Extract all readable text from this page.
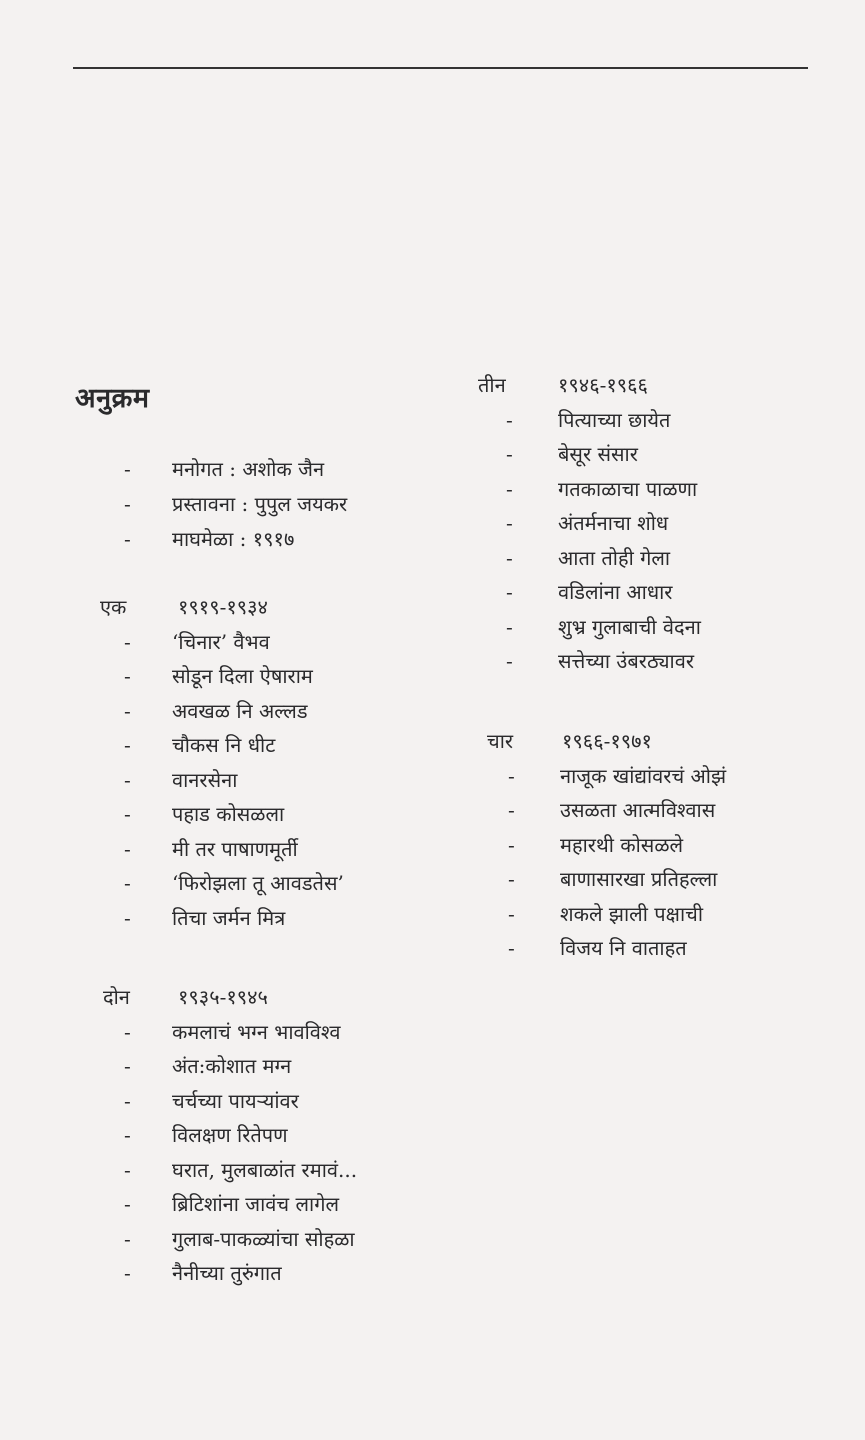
अनुक्रम
- मनोगत : अशोक जैन
- प्रस्तावना : पुपुल जयकर
- माघमेळा : १९१७
एक	१९१९-१९३४
- ‘चिनार’ वैभव
- सोडून दिला ऐषाराम
- अवखळ नि अल्लड
- चौकस नि धीट
- वानरसेना
- पहाड कोसळला
- मी तर पाषाणमूर्ती
- ‘फिरोझला तू आवडतेस’
- तिचा जर्मन मित्र
दोन १९३५-१९४५
- कमलाचं भग्न भावविश्व
- अंत:कोशात मग्न
- चर्चच्या पायऱ्यांवर
- विलक्षण रितेपण
- घरात, मुलबाळांत रमावं...
- ब्रिटिशांना जावंच लागेल
- गुलाब-पाकळ्यांचा सोहळा
- नैनीच्या तुरुंगात
तीन	१९४६-१९६६
- पित्याच्या छायेत
- बेसूर संसार
- गतकाळाचा पाळणा
- अंतर्मनाचा शोध
- आता तोही गेला
- वडिलांना आधार
- शुभ्र गुलाबाची वेदना
- सत्तेच्या उंबरठ्यावर
चार १९६६-१९७१
- नाजूक खांद्यांवरचं ओझं
- उसळता आत्मविश्वास
- महारथी कोसळले
- बाणासारखा प्रतिहल्ला
- शकले झाली पक्षाची
- विजय नि वाताहत
